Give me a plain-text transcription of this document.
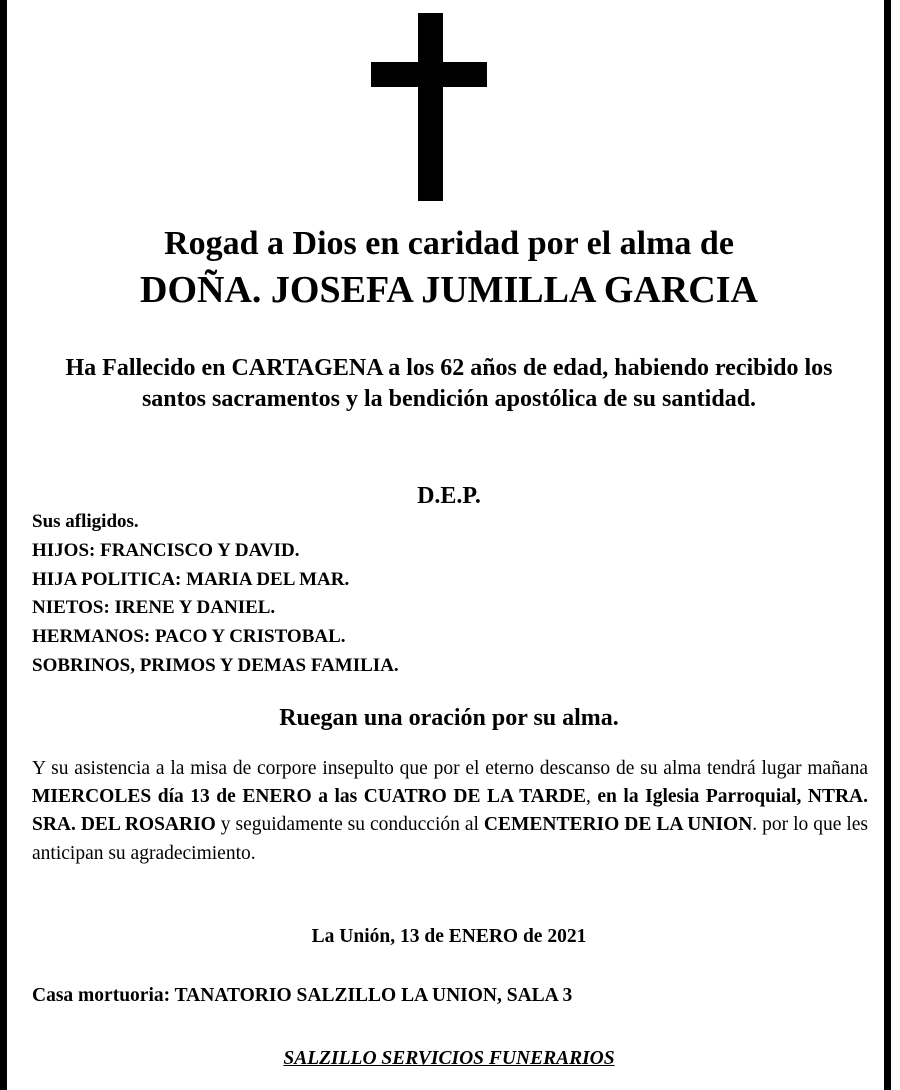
Rogad a Dios en caridad por el alma de

DOÑA. JOSEFA JUMILLA GARCIA

Ha Fallecido en CARTAGENA a los 62 años de edad, habiendo recibido los santos sacramentos y la bendición apostólica de su santidad.

D.E.P.

Sus afligidos.
HIJOS: FRANCISCO Y DAVID.
HIJA POLITICA: MARIA DEL MAR.
NIETOS: IRENE Y DANIEL.
HERMANOS: PACO Y CRISTOBAL.
SOBRINOS, PRIMOS Y DEMAS FAMILIA.

Ruegan una oración por su alma.

Y su asistencia a la misa de corpore insepulto que por el eterno descanso de su alma tendrá lugar mañana MIERCOLES día 13 de ENERO a las CUATRO DE LA TARDE, en la Iglesia Parroquial, NTRA. SRA. DEL ROSARIO y seguidamente su conducción al CEMENTERIO DE LA UNION. por lo que les anticipan su agradecimiento.

La Unión, 13 de ENERO de 2021

Casa mortuoria: TANATORIO SALZILLO LA UNION, SALA 3

SALZILLO SERVICIOS FUNERARIOS
